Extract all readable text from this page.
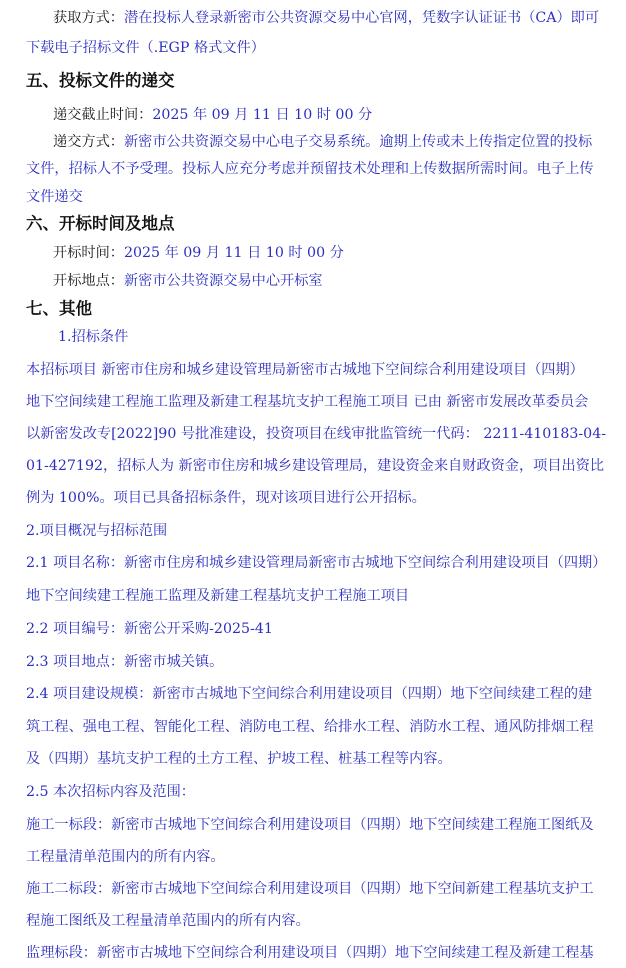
获取方式：潜在投标人登录新密市公共资源交易中心官网，凭数字认证证书（CA）即可
下载电子招标文件（.EGP 格式文件）
五、投标文件的递交
递交截止时间：2025 年 09 月 11 日 10 时 00 分
递交方式：新密市公共资源交易中心电子交易系统。逾期上传或未上传指定位置的投标
文件，招标人不予受理。投标人应充分考虑并预留技术处理和上传数据所需时间。电子上传
文件递交
六、开标时间及地点
开标时间：2025 年 09 月 11 日 10 时 00 分
开标地点：新密市公共资源交易中心开标室
七、其他
1.招标条件
本招标项目 新密市住房和城乡建设管理局新密市古城地下空间综合利用建设项目（四期）
地下空间续建工程施工监理及新建工程基坑支护工程施工项目 已由 新密市发展改革委员会
以新密发改专[2022]90 号批准建设，投资项目在线审批监管统一代码： 2211-410183-04-
01-427192，招标人为 新密市住房和城乡建设管理局，建设资金来自财政资金，项目出资比
例为 100%。项目已具备招标条件，现对该项目进行公开招标。
2.项目概况与招标范围
2.1 项目名称：新密市住房和城乡建设管理局新密市古城地下空间综合利用建设项目（四期）
地下空间续建工程施工监理及新建工程基坑支护工程施工项目
2.2 项目编号：新密公开采购-2025-41
2.3 项目地点：新密市城关镇。
2.4 项目建设规模：新密市古城地下空间综合利用建设项目（四期）地下空间续建工程的建
筑工程、强电工程、智能化工程、消防电工程、给排水工程、消防水工程、通风防排烟工程
及（四期）基坑支护工程的土方工程、护坡工程、桩基工程等内容。
2.5 本次招标内容及范围：
施工一标段：新密市古城地下空间综合利用建设项目（四期）地下空间续建工程施工图纸及
工程量清单范围内的所有内容。
施工二标段：新密市古城地下空间综合利用建设项目（四期）地下空间新建工程基坑支护工
程施工图纸及工程量清单范围内的所有内容。
监理标段：新密市古城地下空间综合利用建设项目（四期）地下空间续建工程及新建工程基
